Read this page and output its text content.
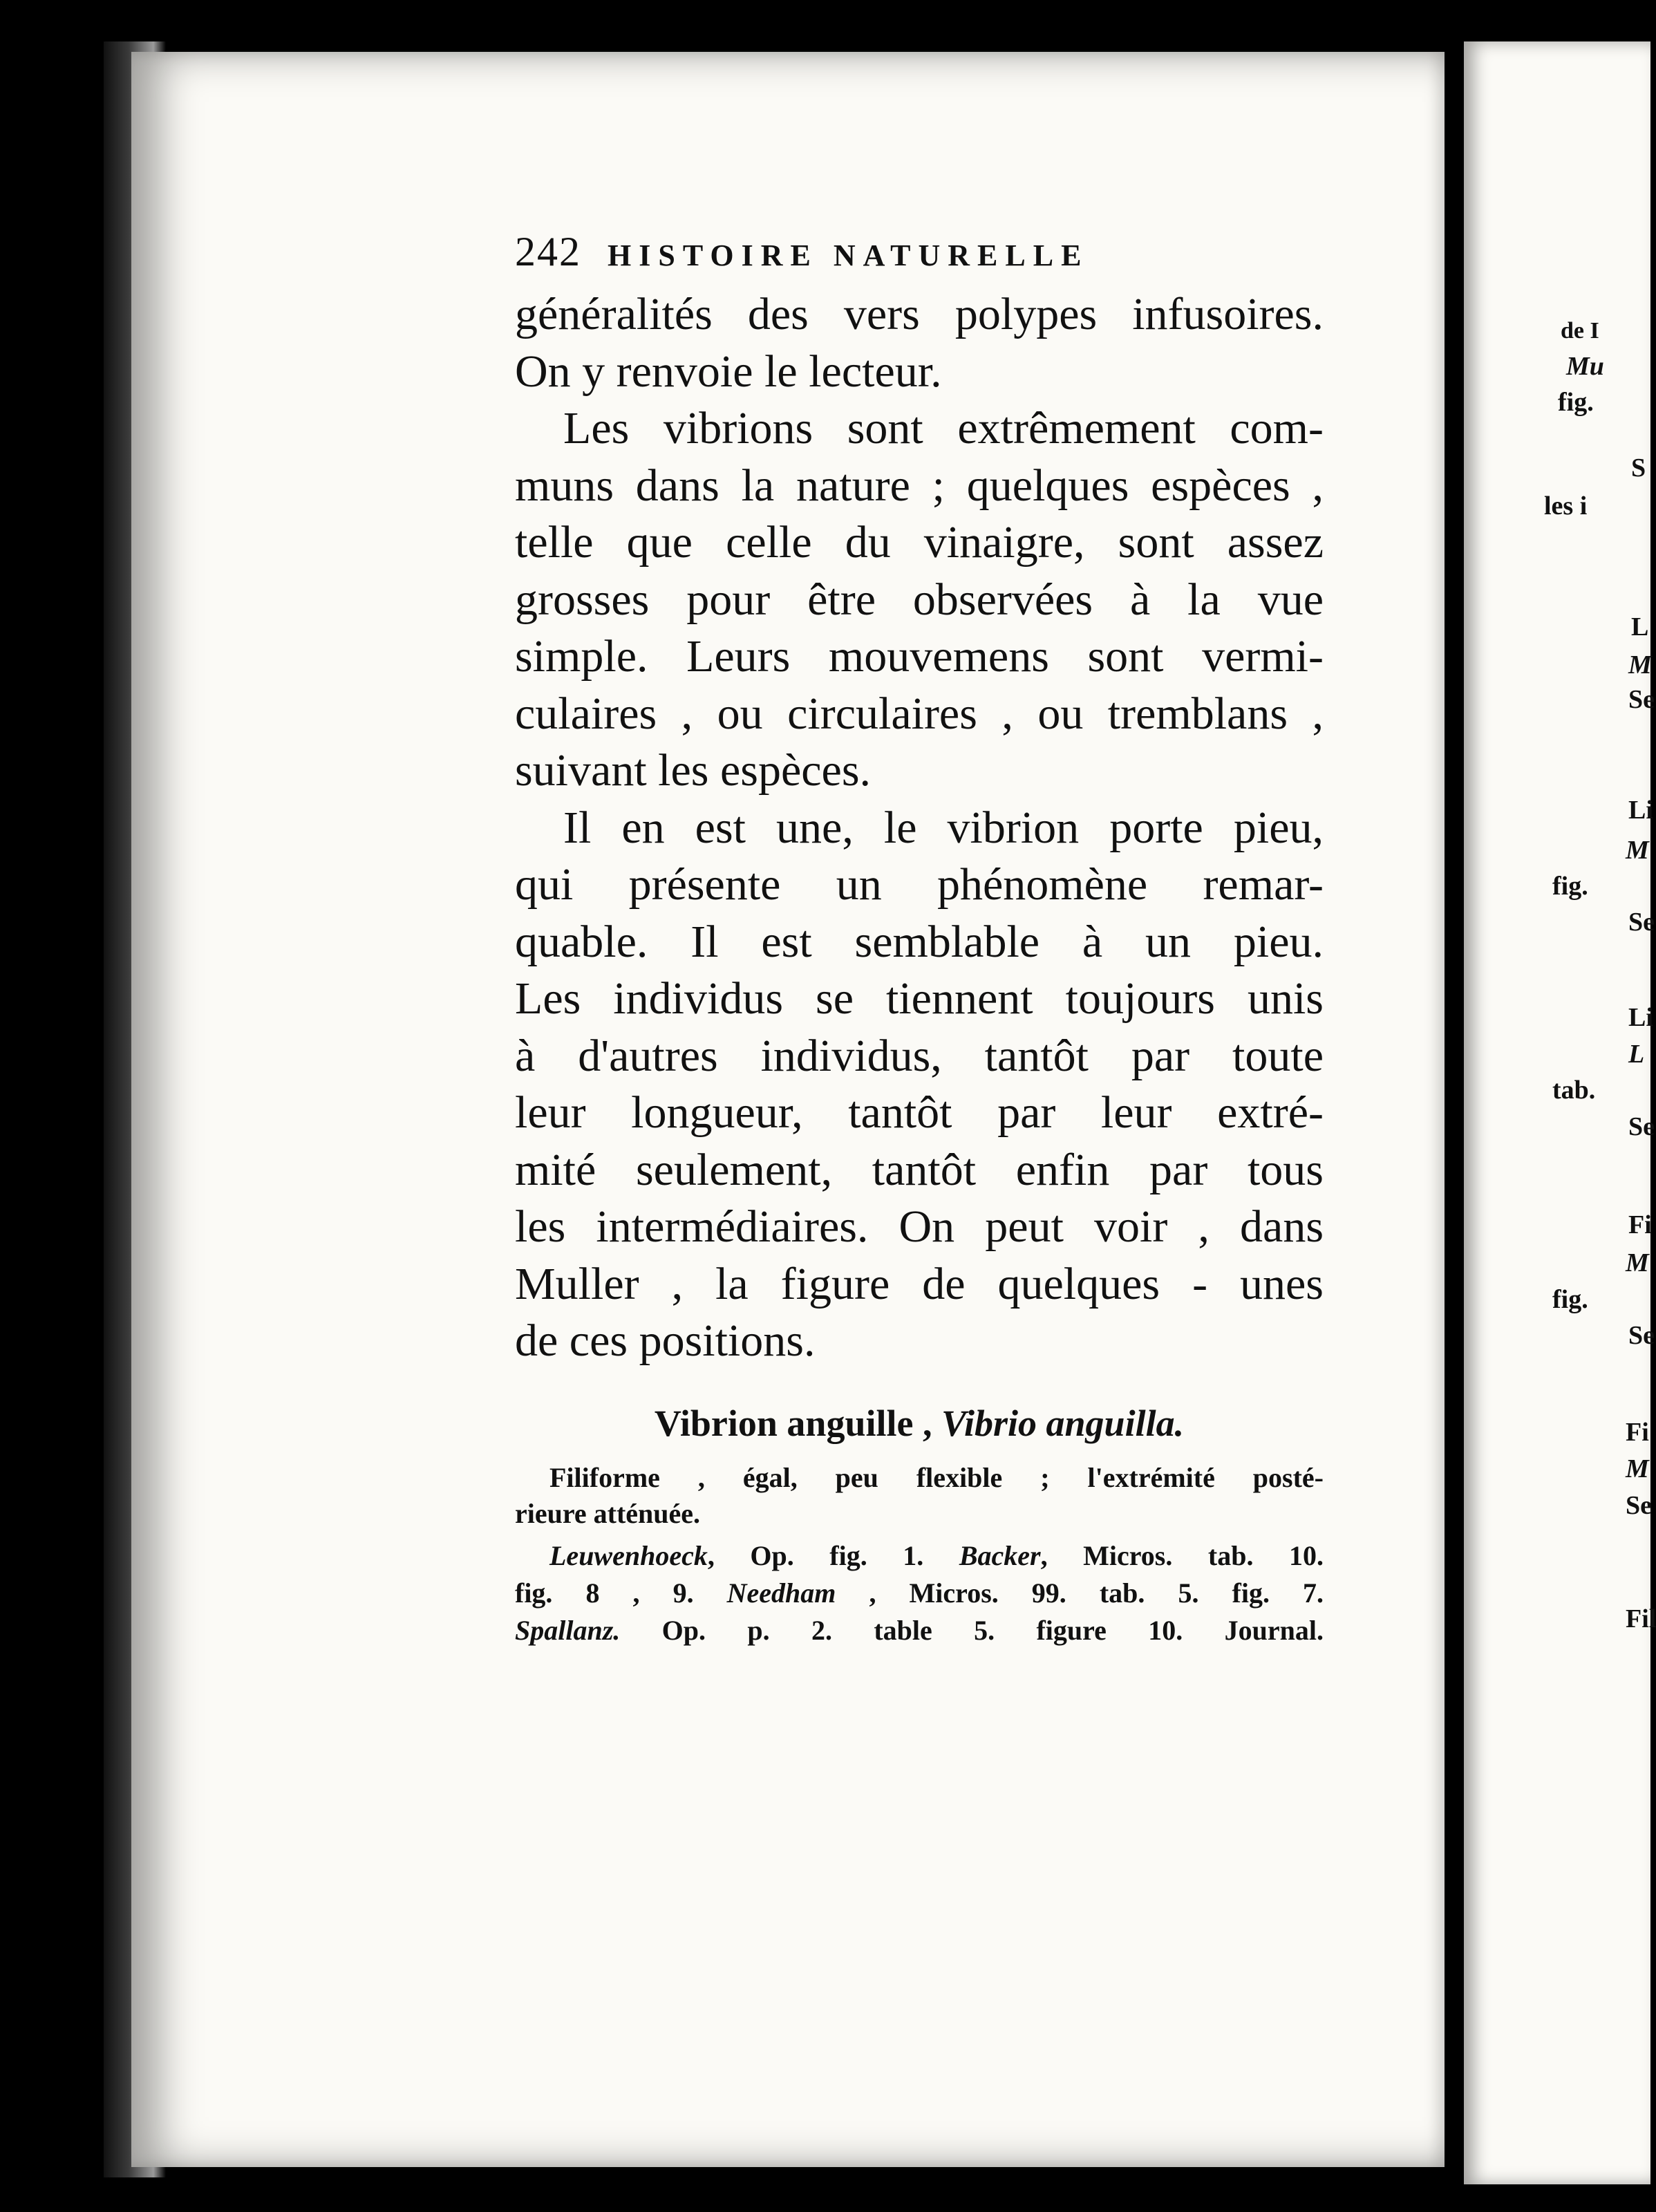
242 HISTOIRE NATURELLE
généralités des vers polypes infusoires.
On y renvoie le lecteur.
Les vibrions sont extrêmement com-
muns dans la nature ; quelques espèces ,
telle que celle du vinaigre, sont assez
grosses pour être observées à la vue
simple. Leurs mouvemens sont vermi-
culaires , ou circulaires , ou tremblans ,
suivant les espèces.
Il en est une, le vibrion porte pieu,
qui présente un phénomène remar-
quable. Il est semblable à un pieu.
Les individus se tiennent toujours unis
à d'autres individus, tantôt par toute
leur longueur, tantôt par leur extré-
mité seulement, tantôt enfin par tous
les intermédiaires. On peut voir , dans
Muller , la figure de quelques - unes
de ces positions.
Vibrion anguille , Vibrio anguilla.
Filiforme , égal, peu flexible ; l'extrémité posté-
rieure atténuée.
Leuwenhoeck, Op. fig. 1. Backer, Micros. tab. 10.
fig. 8 , 9. Needham , Micros. 99. tab. 5. fig. 7.
Spallanz. Op. p. 2. table 5. figure 10. Journal.
de I
Mu
fig.
S
les i
L
M
Se
Li
M
fig.
Se
Li
L
tab.
Se
Fi
M
fig.
Se
Fi
M
Se
Fil
